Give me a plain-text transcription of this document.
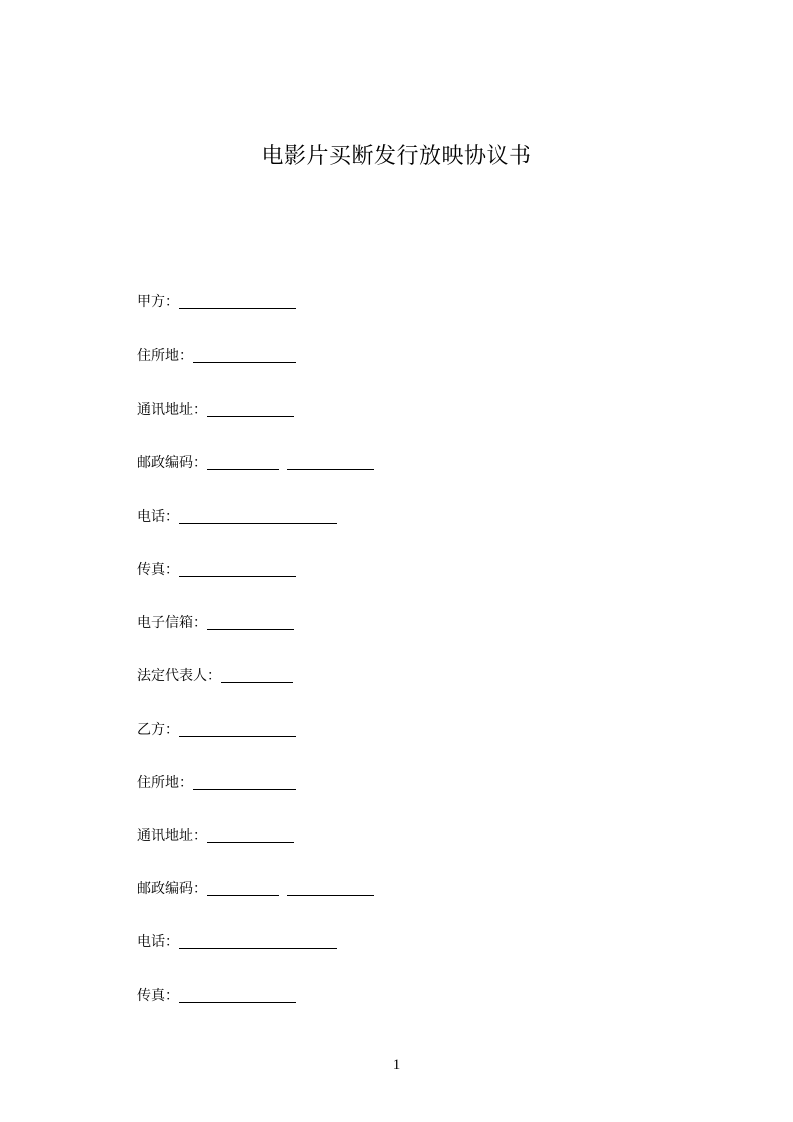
电影片买断发行放映协议书
甲方：
住所地：
通讯地址：
邮政编码：
电话：
传真：
电子信箱：
法定代表人：
乙方：
住所地：
通讯地址：
邮政编码：
电话：
传真：
1
